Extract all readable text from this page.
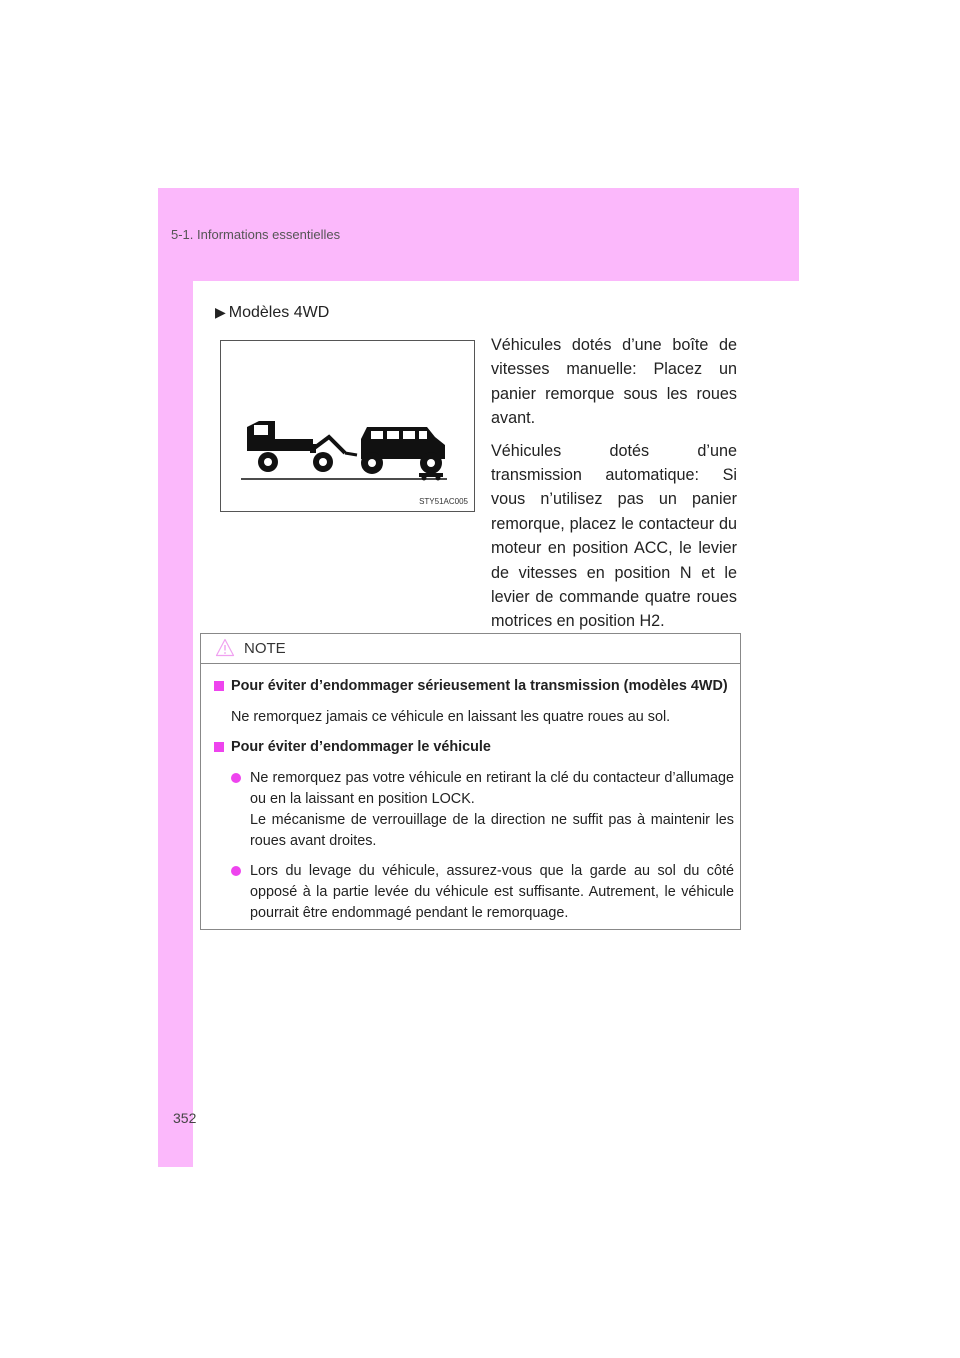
5-1. Informations essentielles
352
▶ Modèles 4WD
STY51AC005

Véhicules dotés d’une boîte de vitesses manuelle: Placez un panier remorque sous les roues avant.

Véhicules dotés d’une transmission automatique: Si vous n’utilisez pas un panier remorque, placez le contacteur du moteur en position ACC, le levier de vitesses en position N et le levier de commande quatre roues motrices en position H2.

NOTE
Pour éviter d’endommager sérieusement la transmission (modèles 4WD)

Ne remorquez jamais ce véhicule en laissant les quatre roues au sol.

Pour éviter d’endommager le véhicule
Ne remorquez pas votre véhicule en retirant la clé du contacteur d’allumage ou en la laissant en position LOCK.
Le mécanisme de verrouillage de la direction ne suffit pas à maintenir les roues avant droites.
Lors du levage du véhicule, assurez-vous que la garde au sol du côté opposé à la partie levée du véhicule est suffisante. Autrement, le véhicule pourrait être endommagé pendant le remorquage.
